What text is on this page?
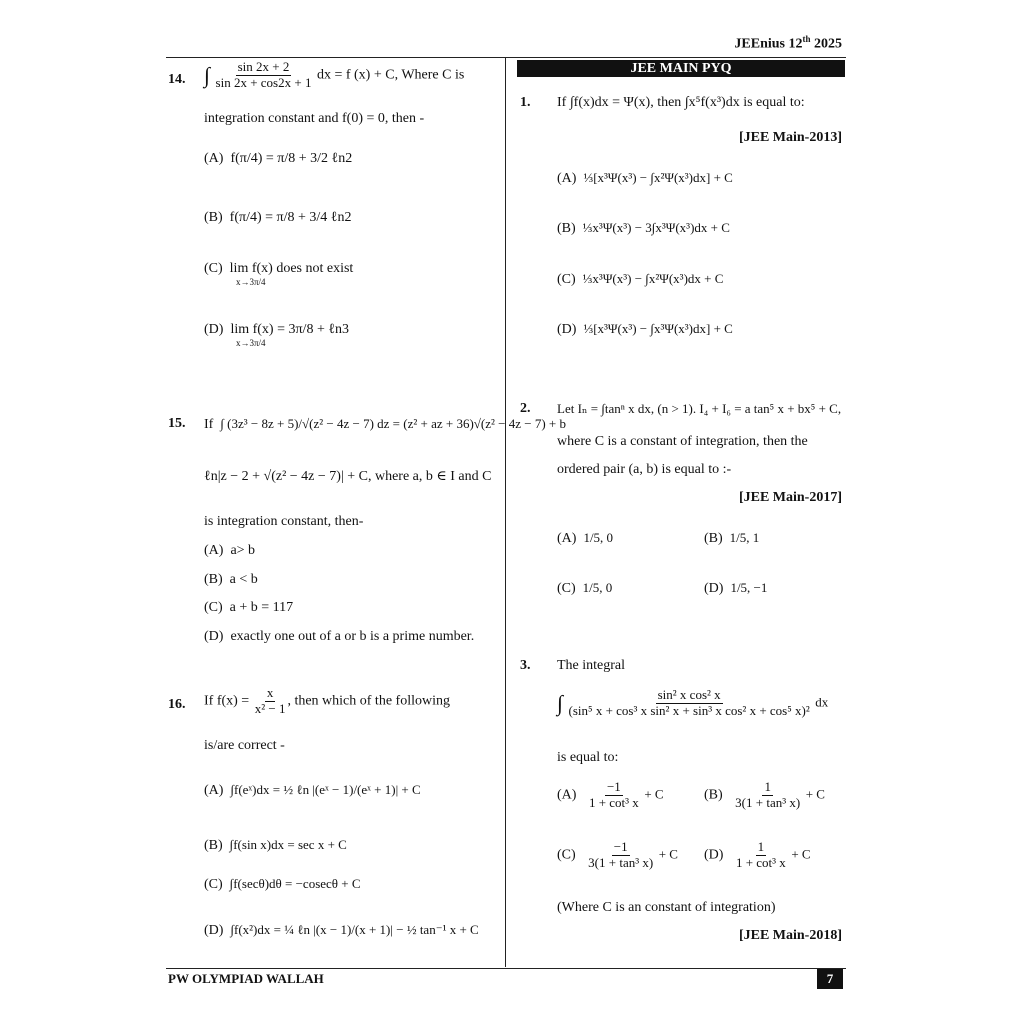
JEEnius 12th 2025
PW OLYMPIAD WALLAH	7
14. ∫ $\frac{\sin 2x + 2}{\sin 2x + \cos 2x + 1}$ dx = f (x) + C, Where C is
integration constant and f(0) = 0, then -
(A) f(π/4) = π/8 + 3/2 ℓn2
(B) f(π/4) = π/8 + 3/4 ℓn2
(C) lim f(x) does not exist
x→3π/4
(D) lim f(x) = 3π/8 + ℓn3
x→3π/4
15. If ∫ (3z³ − 8z + 5)/√(z² − 4z − 7) dz = (z² + az + 36)√(z² − 4z − 7) + b
ℓn|z − 2 + √(z² − 4z − 7)| + C, where a, b ∈ I and C
is integration constant, then-
(A) a> b
(B) a < b
(C) a + b = 117
(D) exactly one out of a or b is a prime number.
16. If $f(x) = \frac{x}{\text{x² − 1}}$ , then which of the following
is/are correct -
(A) ∫f(eˣ)dx = ½ ℓn |(eˣ − 1)/(eˣ + 1)| + C
(B) ∫f(sin x)dx = sec x + C
(C) ∫f(secθ)dθ = −cosecθ + C
(D) ∫f(x²)dx = ¼ ℓn |(x − 1)/(x + 1)| − ½ tan⁻¹ x + C
JEE MAIN PYQ
1. If ∫f(x)dx = Ψ(x), then ∫x⁵f(x³)dx is equal to:
[JEE Main-2013]
(A) ⅓[x³Ψ(x³) − ∫x²Ψ(x³)dx] + C
(B) ⅓x³Ψ(x³) − 3∫x³Ψ(x³)dx + C
(C) ⅓x³Ψ(x³) − ∫x²Ψ(x³)dx + C
(D) ⅓[x³Ψ(x³) − ∫x³Ψ(x³)dx] + C
2. Let Iₙ = ∫tanⁿ x dx, (n > 1). I₄ + I₆ = a tan⁵ x + bx⁵ + C,
where C is a constant of integration, then the
ordered pair (a, b) is equal to :-
[JEE Main-2017]
(A) 1/5, 0	(B) 1/5, 1
(C) 1/5, 0	(D) 1/5, −1
3. The integral
∫ $\frac{\text{sin² x cos² x}}{\text{(sin⁵ x + cos³ x sin² x + sin³ x cos² x + cos⁵ x)²}}$ dx
is equal to:
$(A) \frac{-1}{\text{1 + cot³ x}} + C$	$(B) \frac{1}{\text{3(1 + tan³ x)}} + C$
$(C) \frac{-1}{\text{3(1 + tan³ x)}} + C$ $(D) \frac{1}{\text{1 + cot³ x}} + C$
(Where C is an constant of integration)
[JEE Main-2018]
